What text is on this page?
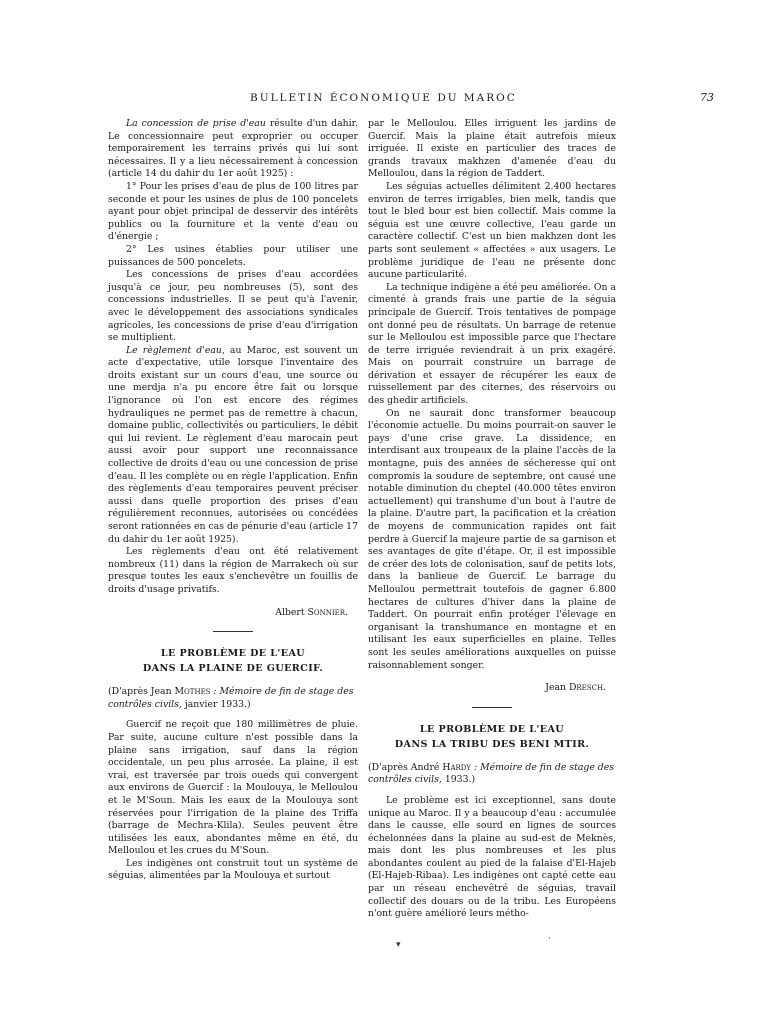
BULLETIN ÉCONOMIQUE DU MAROC	73

La concession de prise d'eau résulte d'un dahir. Le concessionnaire peut exproprier ou occuper temporairement les terrains privés qui lui sont nécessaires. Il y a lieu nécessairement à concession (article 14 du dahir du 1er août 1925) :

1° Pour les prises d'eau de plus de 100 litres par seconde et pour les usines de plus de 100 poncelets ayant pour objet principal de desservir des intérêts publics ou la fourniture et la vente d'eau ou d'énergie ;

2° Les usines établies pour utiliser une puissances de 500 poncelets.

Les concessions de prises d'eau accordées jusqu'à ce jour, peu nombreuses (5), sont des concessions industrielles. Il se peut qu'à l'avenir, avec le développement des associations syndicales agricoles, les concessions de prise d'eau d'irrigation se multiplient.

Le règlement d'eau, au Maroc, est souvent un acte d'expectative, utile lorsque l'inventaire des droits existant sur un cours d'eau, une source ou une merdja n'a pu encore être fait ou lorsque l'ignorance où l'on est encore des régimes hydrauliques ne permet pas de remettre à chacun, domaine public, collectivités ou particuliers, le débit qui lui revient. Le règlement d'eau marocain peut aussi avoir pour support une reconnaissance collective de droits d'eau ou une concession de prise d'eau. Il les complète ou en règle l'application. Enfin des règlements d'eau temporaires peuvent préciser aussi dans quelle proportion des prises d'eau régulièrement reconnues, autorisées ou concédées seront rationnées en cas de pénurie d'eau (article 17 du dahir du 1er août 1925).

Les règlements d'eau ont été relativement nombreux (11) dans la région de Marrakech où sur presque toutes les eaux s'enchevêtre un fouillis de droits d'usage privatifs.

Albert Sonnier.
LE PROBLÈME DE L'EAU
DANS LA PLAINE DE GUERCIF.
(D'après Jean Mothes : Mémoire de fin de stage des contrôles civils, janvier 1933.)

Guercif ne reçoit que 180 millimètres de pluie. Par suite, aucune culture n'est possible dans la plaine sans irrigation, sauf dans la région occidentale, un peu plus arrosée. La plaine, il est vrai, est traversée par trois oueds qui convergent aux environs de Guercif : la Moulouya, le Melloulou et le M'Soun. Mais les eaux de la Moulouya sont réservées pour l'irrigation de la plaine des Triffa (barrage de Mechra-Klila). Seules peuvent être utilisées les eaux, abondantes même en été, du Melloulou et les crues du M'Soun.

Les indigènes ont construit tout un système de séguias, alimentées par la Moulouya et surtout

par le Melloulou. Elles irriguent les jardins de Guercif. Mais la plaine était autrefois mieux irriguée. Il existe en particulier des traces de grands travaux makhzen d'amenée d'eau du Melloulou, dans la région de Taddert.

Les séguias actuelles délimitent 2.400 hectares environ de terres irrigables, bien melk, tandis que tout le bled bour est bien collectif. Mais comme la séguia est une œuvre collective, l'eau garde un caractère collectif. C'est un bien makhzen dont les parts sont seulement « affectées » aux usagers. Le problème juridique de l'eau ne présente donc aucune particularité.

La technique indigène a été peu améliorée. On a cimenté à grands frais une partie de la séguia principale de Guercif. Trois tentatives de pompage ont donné peu de résultats. Un barrage de retenue sur le Melloulou est impossible parce que l'hectare de terre irriguée reviendrait à un prix exagéré. Mais on pourrait construire un barrage de dérivation et essayer de récupérer les eaux de ruissellement par des citernes, des réservoirs ou des ghedir artificiels.

On ne saurait donc transformer beaucoup l'économie actuelle. Du moins pourrait-on sauver le pays d'une crise grave. La dissidence, en interdisant aux troupeaux de la plaine l'accès de la montagne, puis des années de sécheresse qui ont compromis la soudure de septembre, ont causé une notable diminution du cheptel (40.000 têtes environ actuellement) qui transhume d'un bout à l'autre de la plaine. D'autre part, la pacification et la création de moyens de communication rapides ont fait perdre à Guercif la majeure partie de sa garnison et ses avantages de gîte d'étape. Or, il est impossible de créer des lots de colonisation, sauf de petits lots, dans la banlieue de Guercif. Le barrage du Melloulou permettrait toutefois de gagner 6.800 hectares de cultures d'hiver dans la plaine de Taddert. On pourrait enfin protéger l'élevage en organisant la transhumance en montagne et en utilisant les eaux superficielles en plaine. Telles sont les seules améliorations auxquelles on puisse raisonnablement songer.

Jean Dresch.
LE PROBLÈME DE L'EAU
DANS LA TRIBU DES BENI MTIR.
(D'après André Hardy : Mémoire de fin de stage des contrôles civils, 1933.)

Le problème est ici exceptionnel, sans doute unique au Maroc. Il y a beaucoup d'eau : accumulée dans le causse, elle sourd en lignes de sources échelonnées dans la plaine au sud-est de Meknès, mais dont les plus nombreuses et les plus abondantes coulent au pied de la falaise d'El-Hajeb (El-Hajeb-Ribaa). Les indigènes ont capté cette eau par un réseau enchevêtré de séguias, travail collectif des douars ou de la tribu. Les Européens n'ont guère amélioré leurs métho-

▾
·
